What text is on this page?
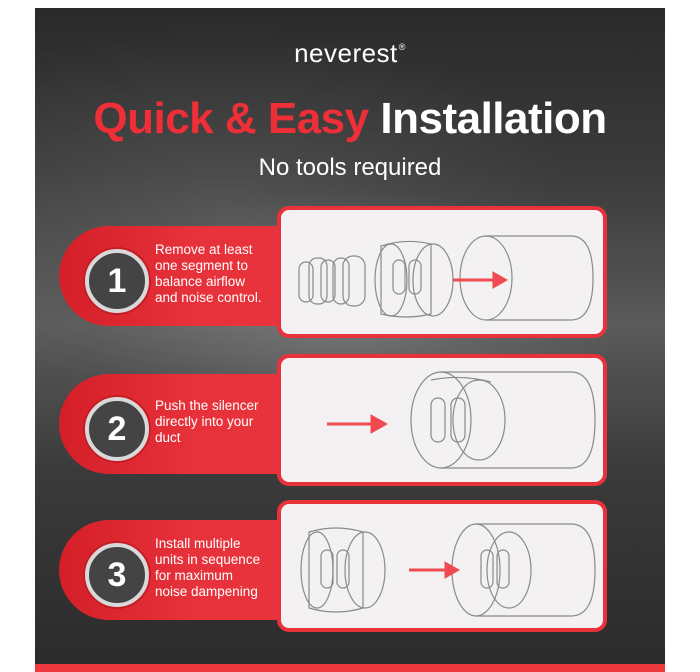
neverest®
Quick & Easy Installation
No tools required
1
Remove at least
one segment to
balance airflow
and noise control.
2
Push the silencer
directly into your
duct
3
Install multiple
units in sequence
for maximum
noise dampening
